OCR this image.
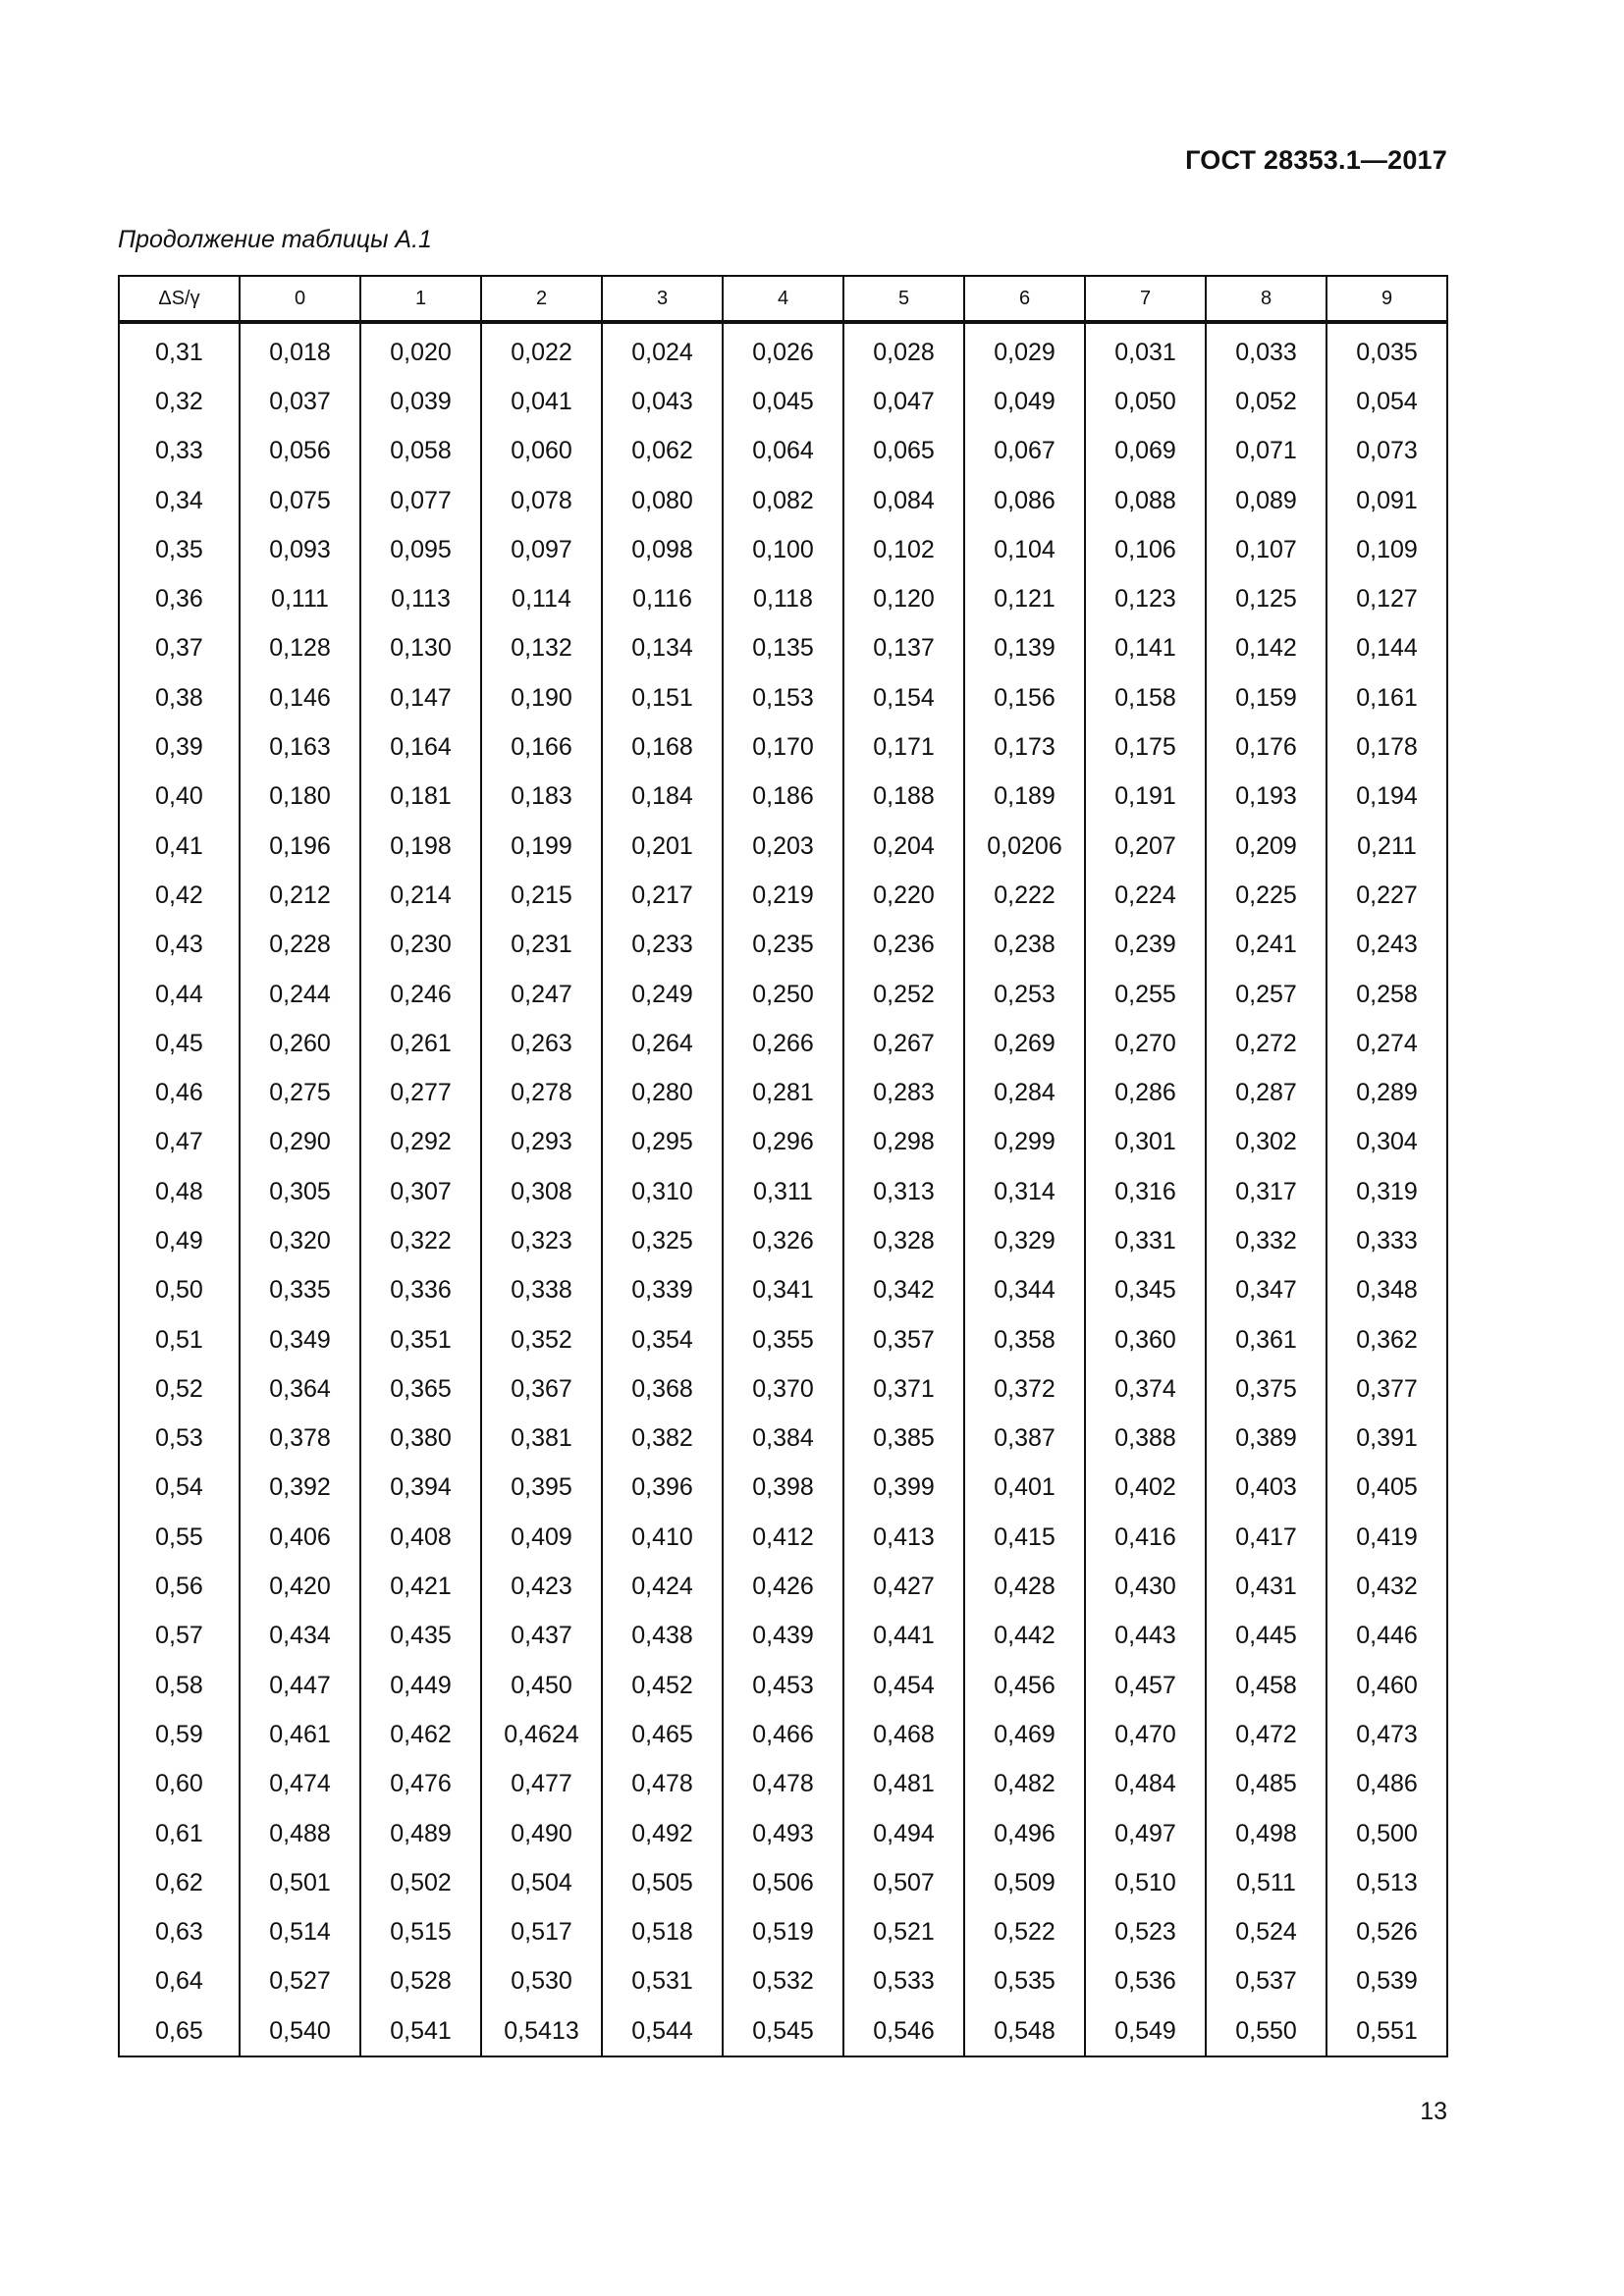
ГОСТ 28353.1—2017
Продолжение таблицы А.1
ΔS/γ	0	1	2	3	4	5	6	7	8	9
0,31	0,018	0,020	0,022	0,024	0,026	0,028	0,029	0,031	0,033	0,035
0,32	0,037	0,039	0,041	0,043	0,045	0,047	0,049	0,050	0,052	0,054
0,33	0,056	0,058	0,060	0,062	0,064	0,065	0,067	0,069	0,071	0,073
0,34	0,075	0,077	0,078	0,080	0,082	0,084	0,086	0,088	0,089	0,091
0,35	0,093	0,095	0,097	0,098	0,100	0,102	0,104	0,106	0,107	0,109
0,36	0,111	0,113	0,114	0,116	0,118	0,120	0,121	0,123	0,125	0,127
0,37	0,128	0,130	0,132	0,134	0,135	0,137	0,139	0,141	0,142	0,144
0,38	0,146	0,147	0,190	0,151	0,153	0,154	0,156	0,158	0,159	0,161
0,39	0,163	0,164	0,166	0,168	0,170	0,171	0,173	0,175	0,176	0,178
0,40	0,180	0,181	0,183	0,184	0,186	0,188	0,189	0,191	0,193	0,194
0,41	0,196	0,198	0,199	0,201	0,203	0,204	0,0206	0,207	0,209	0,211
0,42	0,212	0,214	0,215	0,217	0,219	0,220	0,222	0,224	0,225	0,227
0,43	0,228	0,230	0,231	0,233	0,235	0,236	0,238	0,239	0,241	0,243
0,44	0,244	0,246	0,247	0,249	0,250	0,252	0,253	0,255	0,257	0,258
0,45	0,260	0,261	0,263	0,264	0,266	0,267	0,269	0,270	0,272	0,274
0,46	0,275	0,277	0,278	0,280	0,281	0,283	0,284	0,286	0,287	0,289
0,47	0,290	0,292	0,293	0,295	0,296	0,298	0,299	0,301	0,302	0,304
0,48	0,305	0,307	0,308	0,310	0,311	0,313	0,314	0,316	0,317	0,319
0,49	0,320	0,322	0,323	0,325	0,326	0,328	0,329	0,331	0,332	0,333
0,50	0,335	0,336	0,338	0,339	0,341	0,342	0,344	0,345	0,347	0,348
0,51	0,349	0,351	0,352	0,354	0,355	0,357	0,358	0,360	0,361	0,362
0,52	0,364	0,365	0,367	0,368	0,370	0,371	0,372	0,374	0,375	0,377
0,53	0,378	0,380	0,381	0,382	0,384	0,385	0,387	0,388	0,389	0,391
0,54	0,392	0,394	0,395	0,396	0,398	0,399	0,401	0,402	0,403	0,405
0,55	0,406	0,408	0,409	0,410	0,412	0,413	0,415	0,416	0,417	0,419
0,56	0,420	0,421	0,423	0,424	0,426	0,427	0,428	0,430	0,431	0,432
0,57	0,434	0,435	0,437	0,438	0,439	0,441	0,442	0,443	0,445	0,446
0,58	0,447	0,449	0,450	0,452	0,453	0,454	0,456	0,457	0,458	0,460
0,59	0,461	0,462	0,4624	0,465	0,466	0,468	0,469	0,470	0,472	0,473
0,60	0,474	0,476	0,477	0,478	0,478	0,481	0,482	0,484	0,485	0,486
0,61	0,488	0,489	0,490	0,492	0,493	0,494	0,496	0,497	0,498	0,500
0,62	0,501	0,502	0,504	0,505	0,506	0,507	0,509	0,510	0,511	0,513
0,63	0,514	0,515	0,517	0,518	0,519	0,521	0,522	0,523	0,524	0,526
0,64	0,527	0,528	0,530	0,531	0,532	0,533	0,535	0,536	0,537	0,539
0,65	0,540	0,541	0,5413	0,544	0,545	0,546	0,548	0,549	0,550	0,551
13
